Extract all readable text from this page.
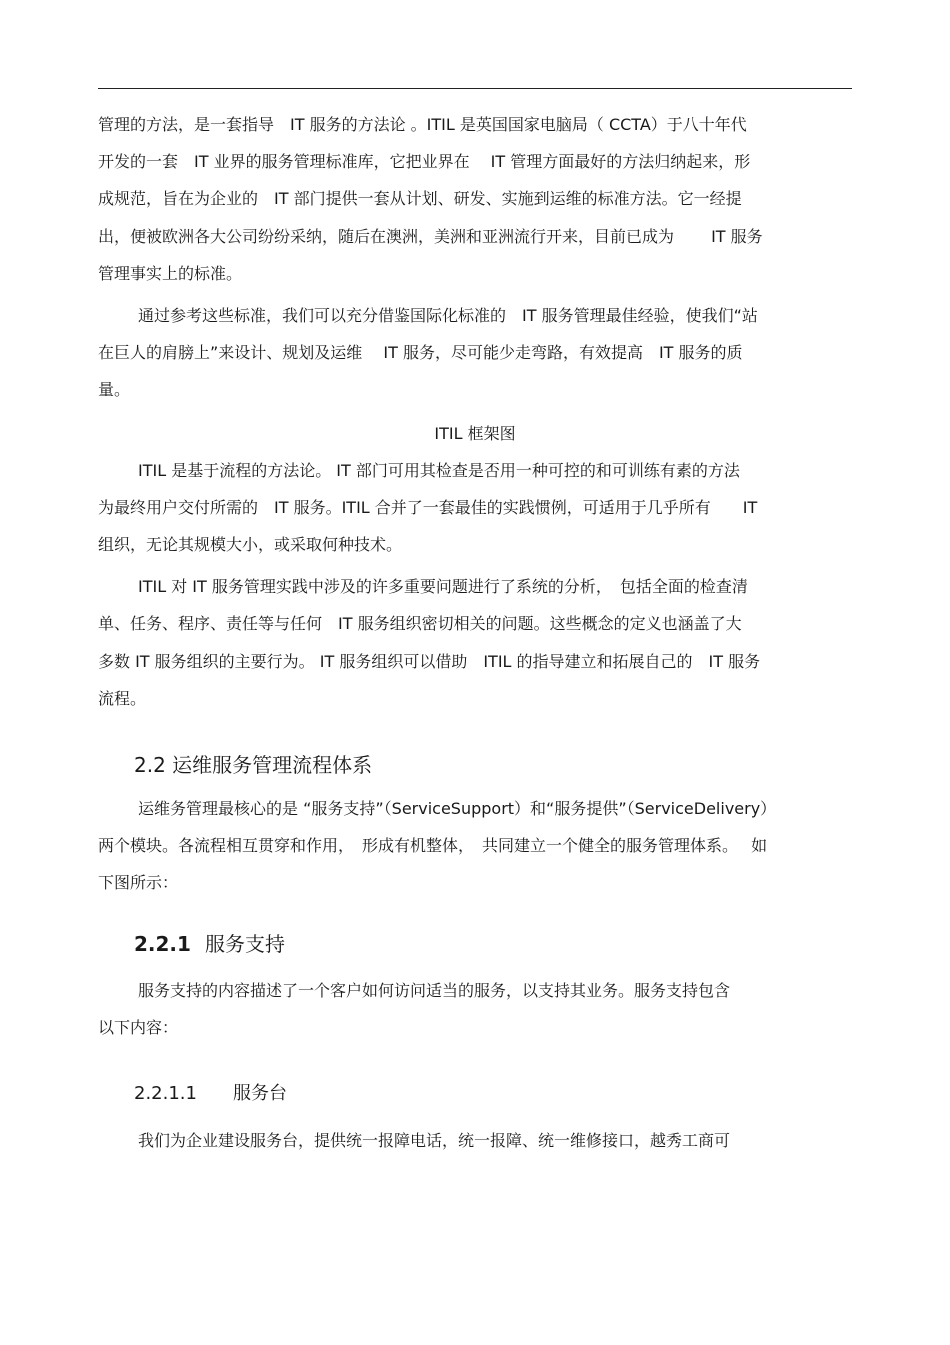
管理的方法，是一套指导　IT 服务的方法论 。ITIL 是英国国家电脑局（ CCTA）于八十年代
开发的一套　IT 业界的服务管理标准库，它把业界在　 IT 管理方面最好的方法归纳起来，形
成规范，旨在为企业的　IT 部门提供一套从计划、研发、实施到运维的标准方法。它一经提
出，便被欧洲各大公司纷纷采纳，随后在澳洲，美洲和亚洲流行开来，目前已成为　　 IT 服务
管理事实上的标准。

通过参考这些标准，我们可以充分借鉴国际化标准的　IT 服务管理最佳经验，使我们“站
在巨人的肩膀上”来设计、规划及运维　 IT 服务，尽可能少走弯路，有效提高　IT 服务的质
量。

ITIL 框架图

ITIL 是基于流程的方法论。 IT 部门可用其检查是否用一种可控的和可训练有素的方法
为最终用户交付所需的　IT 服务。ITIL 合并了一套最佳的实践惯例，可适用于几乎所有　　IT
组织，无论其规模大小，或采取何种技术。

ITIL 对 IT 服务管理实践中涉及的许多重要问题进行了系统的分析，　包括全面的检查清
单、任务、程序、责任等与任何　IT 服务组织密切相关的问题。这些概念的定义也涵盖了大
多数 IT 服务组织的主要行为。 IT 服务组织可以借助　ITIL 的指导建立和拓展自己的　IT 服务
流程。

2.2 运维服务管理流程体系

运维务管理最核心的是 “服务支持”（ServiceSupport）和“服务提供”（ServiceDelivery）
两个模块。各流程相互贯穿和作用，　形成有机整体，　共同建立一个健全的服务管理体系。　 如
下图所示：

2.2.1 服务支持

服务支持的内容描述了一个客户如何访问适当的服务，以支持其业务。服务支持包含
以下内容：

2.2.1.1 服务台

我们为企业建设服务台，提供统一报障电话，统一报障、统一维修接口，越秀工商可
